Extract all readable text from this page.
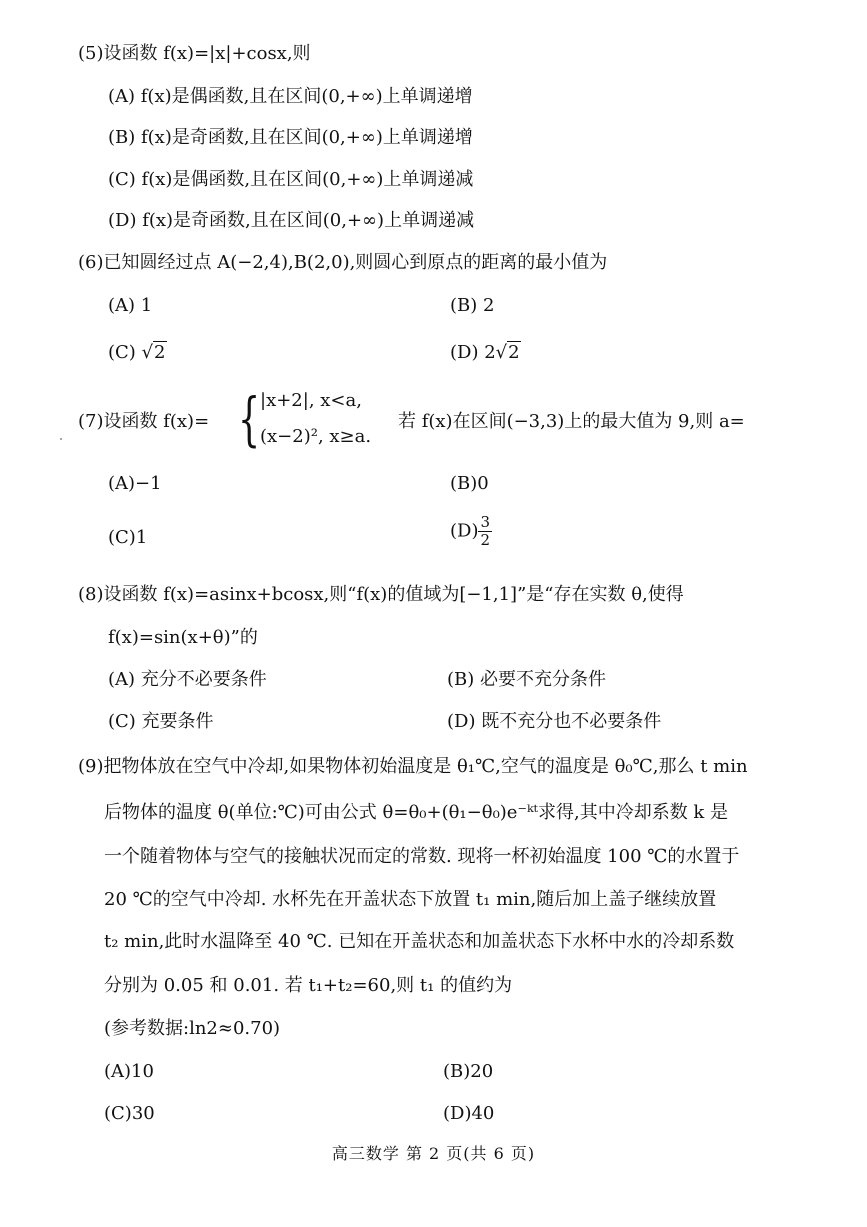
(5)设函数 f(x)=|x|+cosx,则
(A) f(x)是偶函数,且在区间(0,+∞)上单调递增
(B) f(x)是奇函数,且在区间(0,+∞)上单调递增
(C) f(x)是偶函数,且在区间(0,+∞)上单调递减
(D) f(x)是奇函数,且在区间(0,+∞)上单调递减
(6)已知圆经过点 A(−2,4),B(2,0),则圆心到原点的距离的最小值为
(A) 1	(B) 2
(C) √2	(D) 2√2
(7)设函数 f(x)= { |x+2|, x<a,
(x−2)², x≥a.
若 f(x)在区间(−3,3)上的最大值为 9,则 a=
(A)−1	(B)0
(C)1	$(D) \frac{3}{2}$
(8)设函数 f(x)=asinx+bcosx,则“f(x)的值域为[−1,1]”是“存在实数 θ,使得
f(x)=sin(x+θ)”的
(A) 充分不必要条件	(B) 必要不充分条件
(C) 充要条件	(D) 既不充分也不必要条件
(9)把物体放在空气中冷却,如果物体初始温度是 θ₁℃,空气的温度是 θ₀℃,那么 t min
后物体的温度 θ(单位:℃)可由公式 θ=θ₀+(θ₁−θ₀)e⁻ᵏᵗ求得,其中冷却系数 k 是
一个随着物体与空气的接触状况而定的常数. 现将一杯初始温度 100 ℃的水置于
20 ℃的空气中冷却. 水杯先在开盖状态下放置 t₁ min,随后加上盖子继续放置
t₂ min,此时水温降至 40 ℃. 已知在开盖状态和加盖状态下水杯中水的冷却系数
分别为 0.05 和 0.01. 若 t₁+t₂=60,则 t₁ 的值约为
(参考数据:ln2≈0.70)
(A)10	(B)20
(C)30	(D)40
高三数学 第 2 页(共 6 页)
